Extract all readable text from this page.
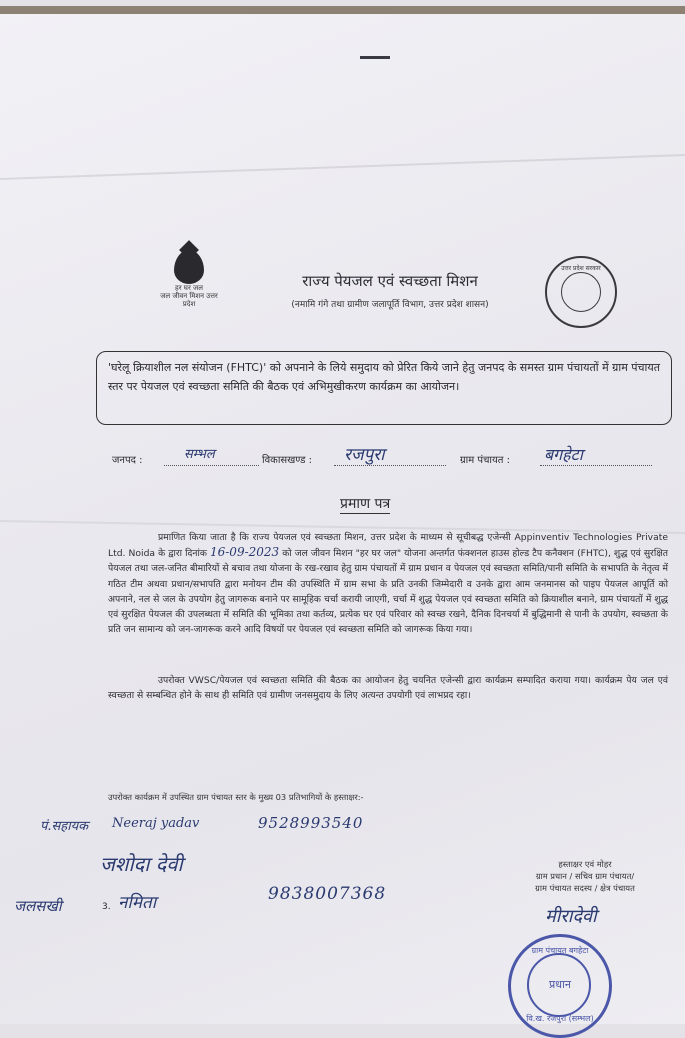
हर घर जल
जल जीवन मिशन उत्तर प्रदेश
राज्य पेयजल एवं स्वच्छता मिशन
(नमामि गंगे तथा ग्रामीण जलापूर्ति विभाग, उत्तर प्रदेश शासन)
उत्तर प्रदेश सरकार
'घरेलू क्रियाशील नल संयोजन (FHTC)' को अपनाने के लिये समुदाय को प्रेरित किये जाने हेतु जनपद के समस्त ग्राम पंचायतों में ग्राम पंचायत स्तर पर पेयजल एवं स्वच्छता समिति की बैठक एवं अभिमुखीकरण कार्यक्रम का आयोजन।
जनपद :	सम्भल	विकासखण्ड : रजपुरा	ग्राम पंचायत : बगहेटा
प्रमाण पत्र

प्रमाणित किया जाता है कि राज्य पेयजल एवं स्वच्छता मिशन, उत्तर प्रदेश के माध्यम से सूचीबद्ध एजेन्सी Appinventiv Technologies Private Ltd. Noida के द्वारा दिनांक 16-09-2023 को जल जीवन मिशन "हर घर जल" योजना अन्तर्गत फंक्शनल हाउस होल्ड टैप कनैक्शन (FHTC), शुद्ध एवं सुरक्षित पेयजल तथा जल-जनित बीमारियों से बचाव तथा योजना के रख-रखाव हेतु ग्राम पंचायतों में ग्राम प्रधान व पेयजल एवं स्वच्छता समिति/पानी समिति के सभापति के नेतृत्व में गठित टीम अथवा प्रधान/सभापति द्वारा मनोयन टीम की उपस्थिति में ग्राम सभा के प्रति उनकी जिम्मेदारी व उनके द्वारा आम जनमानस को पाइप पेयजल आपूर्ति को अपनाने, नल से जल के उपयोग हेतु जागरूक बनाने पर सामूहिक चर्चा करायी जाएगी, चर्चा में शुद्ध पेयजल एवं स्वच्छता समिति को क्रियाशील बनाने, ग्राम पंचायतों में शुद्ध एवं सुरक्षित पेयजल की उपलब्धता में समिति की भूमिका तथा कर्तव्य, प्रत्येक घर एवं परिवार को स्वच्छ रखने, दैनिक दिनचर्या में बुद्धिमानी से पानी के उपयोग, स्वच्छता के प्रति जन सामान्य को जन-जागरूक करने आदि विषयों पर पेयजल एवं स्वच्छता समिति को जागरूक किया गया।

उपरोक्त VWSC/पेयजल एवं स्वच्छता समिति की बैठक का आयोजन हेतु चयनित एजेन्सी द्वारा कार्यक्रम सम्पादित कराया गया। कार्यक्रम पेय जल एवं स्वच्छता से सम्बन्धित होने के साथ ही समिति एवं ग्रामीण जनसमुदाय के लिए अत्यन्त उपयोगी एवं लाभप्रद रहा।

उपरोक्त कार्यक्रम में उपस्थित ग्राम पंचायत स्तर के मुख्य 03 प्रतिभागियों के हस्ताक्षर:-
पं.सहायक Neeraj yadav	9528993540
जशोदा देवी
जलसखी	3. नमिता	9838007368
हस्ताक्षर एवं मोहर
ग्राम प्रधान / सचिव ग्राम पंचायत/
ग्राम पंचायत सदस्य / क्षेत्र पंचायत
मीरादेवी
ग्राम पंचायत बगहेटा
प्रधान
वि.ख. रजपुरा (सम्भल)
